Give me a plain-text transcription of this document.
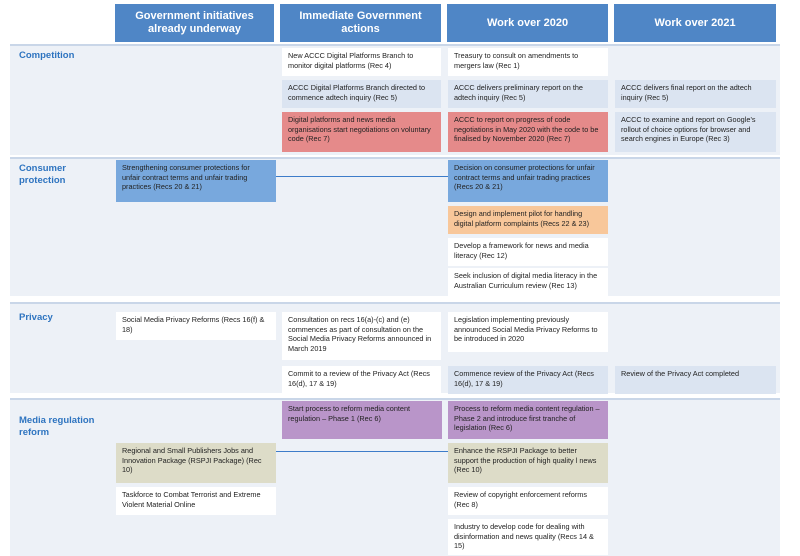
Government initiatives already underway
Immediate Government actions
Work over 2020	Work over 2021
Competition
Consumer protection
Privacy
Media regulation reform
New ACCC Digital Platforms Branch to monitor digital platforms (Rec 4)
ACCC Digital Platforms Branch directed to commence adtech inquiry (Rec 5)
Digital platforms and news media organisations start negotiations on voluntary code (Rec 7)
Treasury to consult on amendments to mergers law (Rec 1)
ACCC delivers preliminary report on the adtech inquiry (Rec 5)
ACCC to report on progress of code negotiations in May 2020 with the code to be finalised by November 2020 (Rec 7)
ACCC delivers final report on the adtech inquiry (Rec 5)
ACCC to examine and report on Google’s rollout of choice options for browser and search engines in Europe (Rec 3)
Strengthening consumer protections for unfair contract terms and unfair trading practices (Recs 20 & 21)
Decision on consumer protections for unfair contract terms and unfair trading practices (Recs 20 & 21)
Design and implement pilot for handling digital platform complaints (Recs 22 & 23)
Develop a framework for news and media literacy (Rec 12)
Seek inclusion of digital media literacy in the Australian Curriculum review (Rec 13)
Social Media Privacy Reforms (Recs 16(f) & 18)
Consultation on recs 16(a)-(c) and (e) commences as part of consultation on the Social Media Privacy Reforms announced in March 2019
Commit to a review of the Privacy Act (Recs 16(d), 17 & 19)
Legislation implementing previously announced Social Media Privacy Reforms to be introduced in 2020
Commence review of the Privacy Act (Recs 16(d), 17 & 19)
Review of the Privacy Act completed
Start process to reform media content regulation – Phase 1 (Rec 6)
Process to reform media content regulation – Phase 2 and introduce first tranche of legislation (Rec 6)
Regional and Small Publishers Jobs and Innovation Package (RSPJI Package) (Rec 10)
Enhance the RSPJI Package to better support the production of high quality l news (Rec 10)
Taskforce to Combat Terrorist and Extreme Violent Material Online
Review of copyright enforcement reforms (Rec 8)
Industry to develop code for dealing with disinformation and news quality (Recs 14 & 15)
